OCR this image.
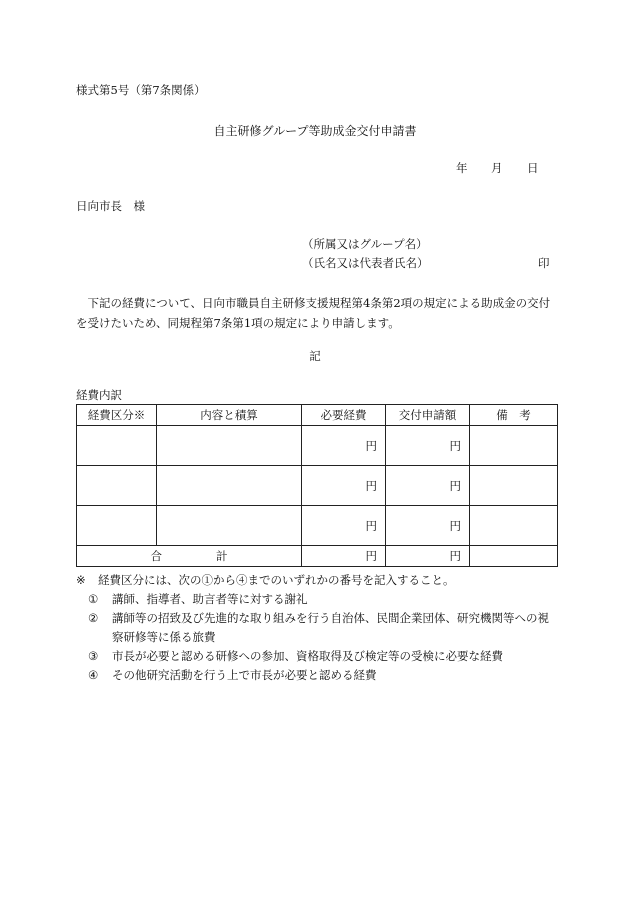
様式第5号（第7条関係）
自主研修グループ等助成金交付申請書
年 月 日
日向市長　様
（所属又はグループ名）
（氏名又は代表者氏名）	印

下記の経費について、日向市職員自主研修支援規程第4条第2項の規定による助成金の交付を受けたいため、同規程第7条第1項の規定により申請します。

記
経費内訳
経費区分※	内容と積算	必要経費	交付申請額	備　考
		円	円	
		円	円	
		円	円	
合 計		円	円	
※ 経費区分には、次の①から④までのいずれかの番号を記入すること。
①	講師、指導者、助言者等に対する謝礼
②	講師等の招致及び先進的な取り組みを行う自治体、民間企業団体、研究機関等への視察研修等に係る旅費
③	市長が必要と認める研修への参加、資格取得及び検定等の受検に必要な経費
④	その他研究活動を行う上で市長が必要と認める経費
